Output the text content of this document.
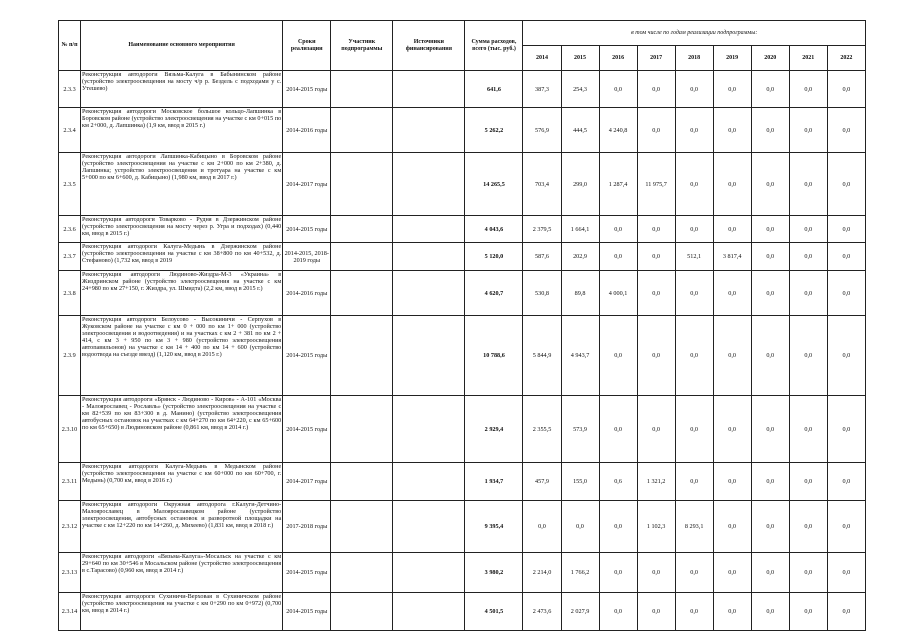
№ п/п	Наименование основного мероприятия	Сроки реализации	Участник подпрограммы	Источники финансирования	Сумма расходов, всего (тыс. руб.)	в том числе по годам реализации подпрограммы:								
						2014	2015	2016	2017	2018	2019	2020	2021	2022
2.3.3	Реконструкция автодороги Вязьма-Калуга в Бабынинском районе (устройство электроосвещения на мосту ч/р р. Бездель с подходами у с. Утешево)	2014-2015 годы			641,6	387,3	254,3	0,0	0,0	0,0	0,0	0,0	0,0	0,0
2.3.4	Реконструкция автодороги Московское большое кольцо-Лапшинка в Боровском районе (устройство электроосвещения на участке с км 0+015 по км 2+000, д. Лапшинка) (1,9 км, ввод в 2015 г.)	2014-2016 годы			5 262,2	576,9	444,5	4 240,8	0,0	0,0	0,0	0,0	0,0	0,0
2.3.5	Реконструкция автодороги Лапшинка-Кабицыно в Боровском районе (устройство электроосвещения на участке с км 2+000 по км 2+380, д. Лапшинка; устройство электроосвещения и тротуара на участке с км 5+000 по км 6+600, д. Кабицыно) (1,980 км, ввод в 2017 г.)	2014-2017 годы			14 265,5	703,4	299,0	1 287,4	11 975,7	0,0	0,0	0,0	0,0	0,0
2.3.6	Реконструкция автодороги Товарково - Рудня в Дзержинском районе (устройство электроосвещения на мосту через р. Угра и подходах) (0,440 км, ввод в 2015 г.)	2014-2015 годы			4 043,6	2 379,5	1 664,1	0,0	0,0	0,0	0,0	0,0	0,0	0,0
2.3.7	Реконструкция автодороги Калуга-Медынь в Дзержинском районе (устройство электроосвещения на участке с км 38+800 по км 40+532, д. Стефаново) (1,732 км, ввод в 2019	2014-2015, 2018-2019 годы			5 120,0	587,6	202,9	0,0	0,0	512,1	3 817,4	0,0	0,0	0,0
2.3.8	Реконструкция автодороги Людиново-Жиздра-М-3 «Украина» в Жиздринском районе (устройство электроосвещения на участке с км 24+980 по км 27+150, г. Жиздра, ул. Шмидта) (2,2 км, ввод в 2015 г.)	2014-2016 годы			4 620,7	530,8	89,8	4 000,1	0,0	0,0	0,0	0,0	0,0	0,0
2.3.9	Реконструкция автодороги Белоусово - Высокиничи - Серпухов в Жуковском районе на участке с км 0 + 000 по км 1+ 000 (устройство электроосвещения и водоотведения) и на участках с км 2 + 381 по км 2 + 414, с км 3 + 950 по км 3 + 980 (устройство электроосвещения автопавильонов) на участке с км 14 + 400 по км 14 + 600 (устройство водоотвода на съезде ввезд) (1,120 км, ввод в 2015 г.)	2014-2015 годы			10 788,6	5 844,9	4 943,7	0,0	0,0	0,0	0,0	0,0	0,0	0,0
2.3.10	Реконструкция автодороги «Брянск - Людиново - Киров» - А-101 «Москва - Малоярославец - Рославль» (устройство электроосвещения на участке с км 82+539 по км 83+300 в д. Манино) (устройство электроосвещения автобусных остановок на участках с км 64+270 по км 64+220, с км 65+600 по км 65+650) в Людиновском районе (0,861 км, ввод в 2014 г.)	2014-2015 годы			2 929,4	2 355,5	573,9	0,0	0,0	0,0	0,0	0,0	0,0	0,0
2.3.11	Реконструкция автодороги Калуга-Медынь в Медынском районе (устройство электроосвещения на участке с км 60+000 по км 60+700, г. Медынь) (0,700 км, ввод в 2016 г.)	2014-2017 годы			1 934,7	457,9	155,0	0,6	1 321,2	0,0	0,0	0,0	0,0	0,0
2.3.12	Реконструкция автодороги Окружная автодорога г.Калуги-Детчино-Малоярославец в Малоярославецком районе (устройство электроосвещения, автобусных остановок и разворотной площадки на участке с км 12+220 по км 14+260, д. Михеево) (1,831 км, ввод в 2018 г.)	2017-2018 годы			9 395,4	0,0	0,0	0,0	1 102,3	8 293,1	0,0	0,0	0,0	0,0
2.3.13	Реконструкция автодороги «Вязьма-Калуга»-Мосальск на участке с км 29+640 по км 30+546 в Мосальском районе (устройство электроосвещения в с.Тарасово) (0,960 км, ввод в 2014 г.)	2014-2015 годы			3 980,2	2 214,0	1 766,2	0,0	0,0	0,0	0,0	0,0	0,0	0,0
2.3.14	Реконструкция автодороги Сухиничи-Верховая в Сухиничском районе (устройство электроосвещения на участке с км 0+290 по км 0+972) (0,700 км, ввод в 2014 г.)	2014-2015 годы			4 501,5	2 473,6	2 027,9	0,0	0,0	0,0	0,0	0,0	0,0	0,0
